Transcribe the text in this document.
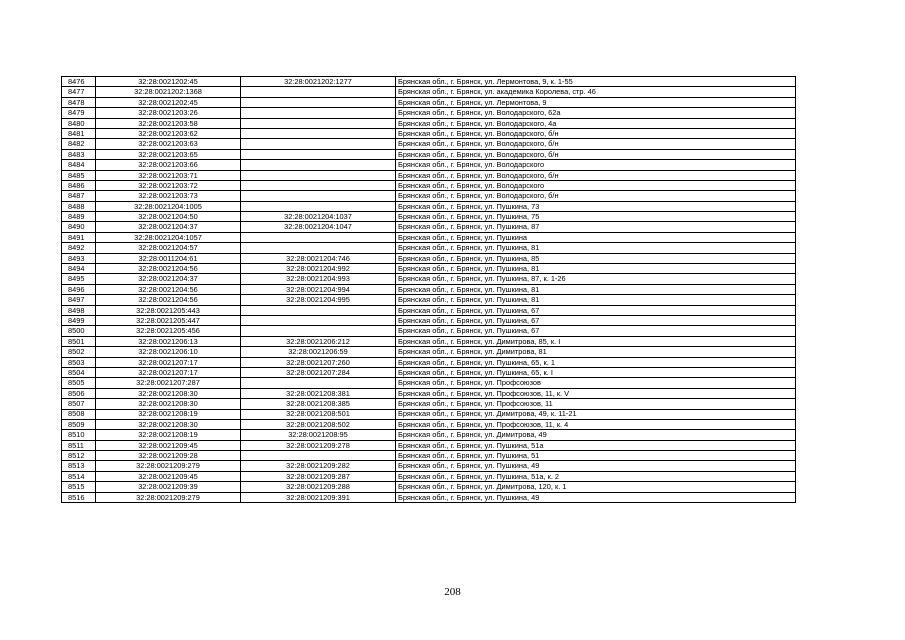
8476	32:28:0021202:45	32:28:0021202:1277	Брянская обл., г. Брянск, ул. Лермонтова, 9, к. 1-55
8477	32:28:0021202:1368		Брянская обл., г. Брянск, ул. академика Королева, стр. 46
8478	32:28:0021202:45		Брянская обл., г. Брянск, ул. Лермонтова, 9
8479	32:28:0021203:26		Брянская обл., г. Брянск, ул. Володарского, 62а
8480	32:28:0021203:58		Брянская обл., г. Брянск, ул. Володарского, 4а
8481	32:28:0021203:62		Брянская обл., г. Брянск, ул. Володарского, б/н
8482	32:28:0021203:63		Брянская обл., г. Брянск, ул. Володарского, б/н
8483	32:28:0021203:65		Брянская обл., г. Брянск, ул. Володарского, б/н
8484	32:28:0021203:66		Брянская обл., г. Брянск, ул. Володарского
8485	32:28:0021203:71		Брянская обл., г. Брянск, ул. Володарского, б/н
8486	32:28:0021203:72		Брянская обл., г. Брянск, ул. Володарского
8487	32:28:0021203:73		Брянская обл., г. Брянск, ул. Володарского, б/н
8488	32:28:0021204:1005		Брянская обл., г. Брянск, ул. Пушкина, 73
8489	32:28:0021204:50	32:28:0021204:1037	Брянская обл., г. Брянск, ул. Пушкина, 75
8490	32:28:0021204:37	32:28:0021204:1047	Брянская обл., г. Брянск, ул. Пушкина, 87
8491	32:28:0021204:1057		Брянская обл., г. Брянск, ул. Пушкина
8492	32:28:0021204:57		Брянская обл., г. Брянск, ул. Пушкина, 81
8493	32:28:0011204:61	32:28:0021204:746	Брянская обл., г. Брянск, ул. Пушкина, 85
8494	32:28:0021204:56	32:28:0021204:992	Брянская обл., г. Брянск, ул. Пушкина, 81
8495	32:28:0021204:37	32:28:0021204:993	Брянская обл., г. Брянск, ул. Пушкина, 87, к. 1-26
8496	32:28:0021204:56	32:28:0021204:994	Брянская обл., г. Брянск, ул. Пушкина, 81
8497	32:28:0021204:56	32:28:0021204:995	Брянская обл., г. Брянск, ул. Пушкина, 81
8498	32:28:0021205:443		Брянская обл., г. Брянск, ул. Пушкина, 67
8499	32:28:0021205:447		Брянская обл., г. Брянск, ул. Пушкина, 67
8500	32:28:0021205:456		Брянская обл., г. Брянск, ул. Пушкина, 67
8501	32:28:0021206:13	32:28:0021206:212	Брянская обл., г. Брянск, ул. Димитрова, 85, к. I
8502	32:28:0021206:10	32:28:0021206:59	Брянская обл., г. Брянск, ул. Димитрова, 81
8503	32:28:0021207:17	32:28:0021207:260	Брянская обл., г. Брянск, ул. Пушкина, 65, к. 1
8504	32:28:0021207:17	32:28:0021207:284	Брянская обл., г. Брянск, ул. Пушкина, 65, к. I
8505	32:28:0021207:287		Брянская обл., г. Брянск, ул. Профсоюзов
8506	32:28:0021208:30	32:28:0021208:381	Брянская обл., г. Брянск, ул. Профсоюзов, 11, к. V
8507	32:28:0021208:30	32:28:0021208:385	Брянская обл., г. Брянск, ул. Профсоюзов, 11
8508	32:28:0021208:19	32:28:0021208:501	Брянская обл., г. Брянск, ул. Димитрова, 49, к. 11-21
8509	32:28:0021208:30	32:28:0021208:502	Брянская обл., г. Брянск, ул. Профсоюзов, 11, к. 4
8510	32:28:0021208:19	32:28:0021208:95	Брянская обл., г. Брянск, ул. Димитрова, 49
8511	32:28:0021209:45	32:28:0021209:278	Брянская обл., г. Брянск, ул. Пушкина, 51а
8512	32:28:0021209:28		Брянская обл., г. Брянск, ул. Пушкина, 51
8513	32:28:0021209:279	32:28:0021209:282	Брянская обл., г. Брянск, ул. Пушкина, 49
8514	32:28:0021209:45	32:28:0021209:287	Брянская обл., г. Брянск, ул. Пушкина, 51а, к. 2
8515	32:28:0021209:39	32:28:0021209:288	Брянская обл., г. Брянск, ул. Димитрова, 120, к. 1
8516	32:28:0021209:279	32:28:0021209:391	Брянская обл., г. Брянск, ул. Пушкина, 49
208
